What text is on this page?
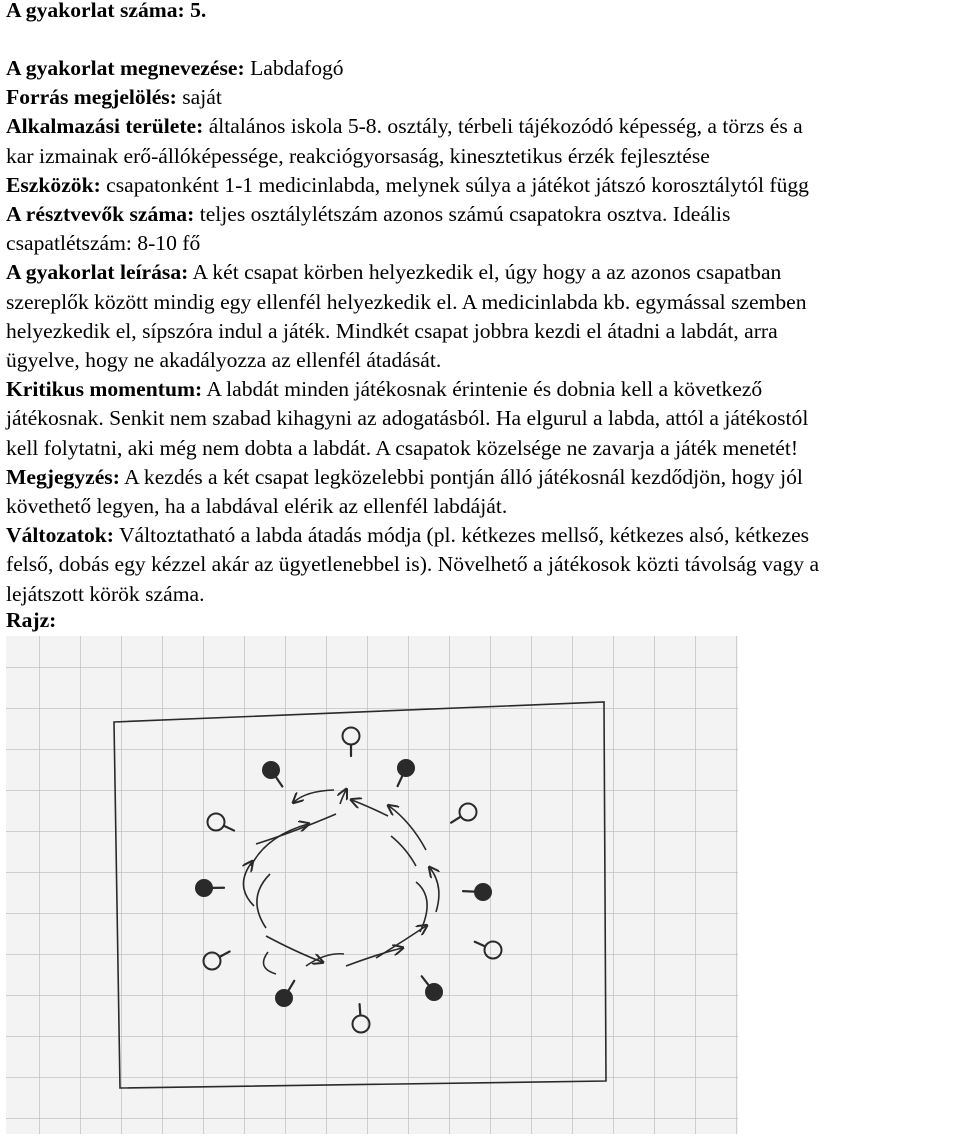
A gyakorlat száma: 5.
A gyakorlat megnevezése: Labdafogó
Forrás megjelölés: saját
Alkalmazási területe: általános iskola 5-8. osztály, térbeli tájékozódó képesség, a törzs és a
kar izmainak erő-állóképessége, reakciógyorsaság, kinesztetikus érzék fejlesztése
Eszközök: csapatonként 1-1 medicinlabda, melynek súlya a játékot játszó korosztálytól függ
A résztvevők száma: teljes osztálylétszám azonos számú csapatokra osztva. Ideális
csapatlétszám: 8-10 fő
A gyakorlat leírása: A két csapat körben helyezkedik el, úgy hogy a az azonos csapatban
szereplők között mindig egy ellenfél helyezkedik el. A medicinlabda kb. egymással szemben
helyezkedik el, sípszóra indul a játék. Mindkét csapat jobbra kezdi el átadni a labdát, arra
ügyelve, hogy ne akadályozza az ellenfél átadását.
Kritikus momentum: A labdát minden játékosnak érintenie és dobnia kell a következő
játékosnak. Senkit nem szabad kihagyni az adogatásból. Ha elgurul a labda, attól a játékostól
kell folytatni, aki még nem dobta a labdát. A csapatok közelsége ne zavarja a játék menetét!
Megjegyzés: A kezdés a két csapat legközelebbi pontján álló játékosnál kezdődjön, hogy jól
követhető legyen, ha a labdával elérik az ellenfél labdáját.
Változatok: Változtatható a labda átadás módja (pl. kétkezes mellső, kétkezes alsó, kétkezes
felső, dobás egy kézzel akár az ügyetlenebbel is). Növelhető a játékosok közti távolság vagy a
lejátszott körök száma.
Rajz:
